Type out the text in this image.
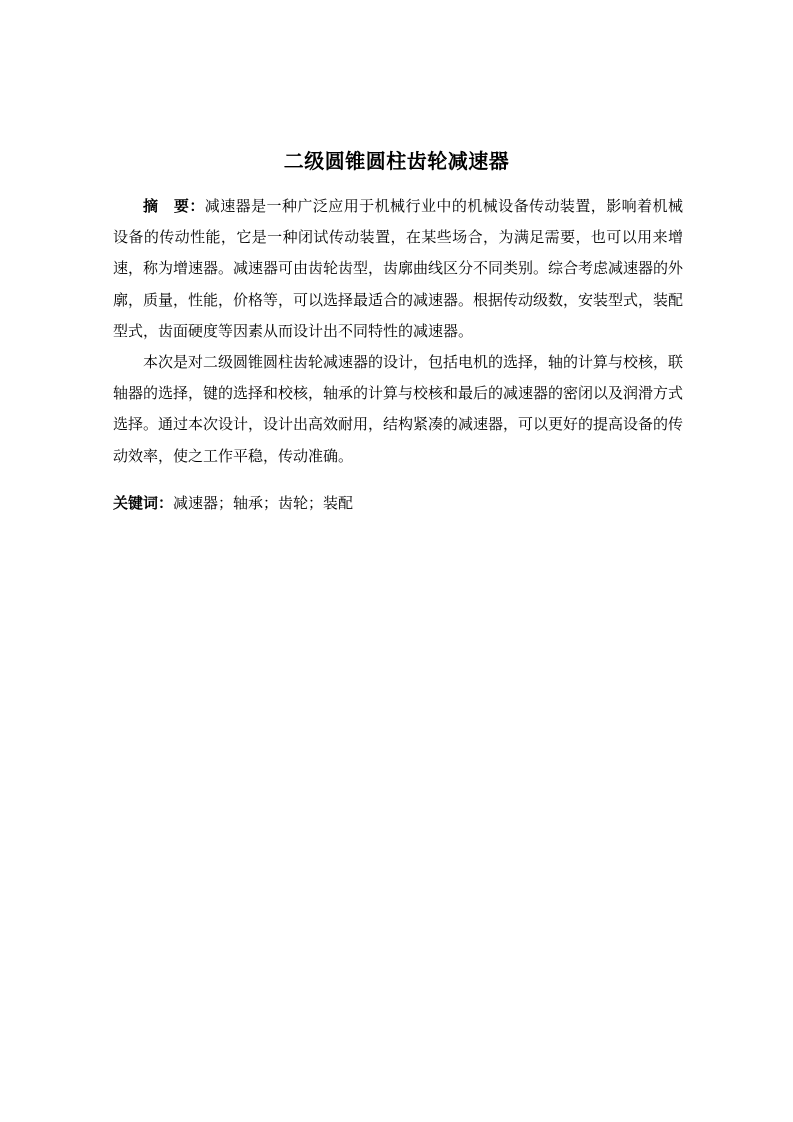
二级圆锥圆柱齿轮减速器

摘 要：减速器是一种广泛应用于机械行业中的机械设备传动装置，影响着机械设备的传动性能，它是一种闭试传动装置，在某些场合，为满足需要，也可以用来增速，称为增速器。减速器可由齿轮齿型，齿廓曲线区分不同类别。综合考虑减速器的外廓，质量，性能，价格等，可以选择最适合的减速器。根据传动级数，安装型式，装配型式，齿面硬度等因素从而设计出不同特性的减速器。

本次是对二级圆锥圆柱齿轮减速器的设计，包括电机的选择，轴的计算与校核，联轴器的选择，键的选择和校核，轴承的计算与校核和最后的减速器的密闭以及润滑方式选择。通过本次设计，设计出高效耐用，结构紧凑的减速器，可以更好的提高设备的传动效率，使之工作平稳，传动准确。

关键词：减速器；轴承；齿轮；装配
